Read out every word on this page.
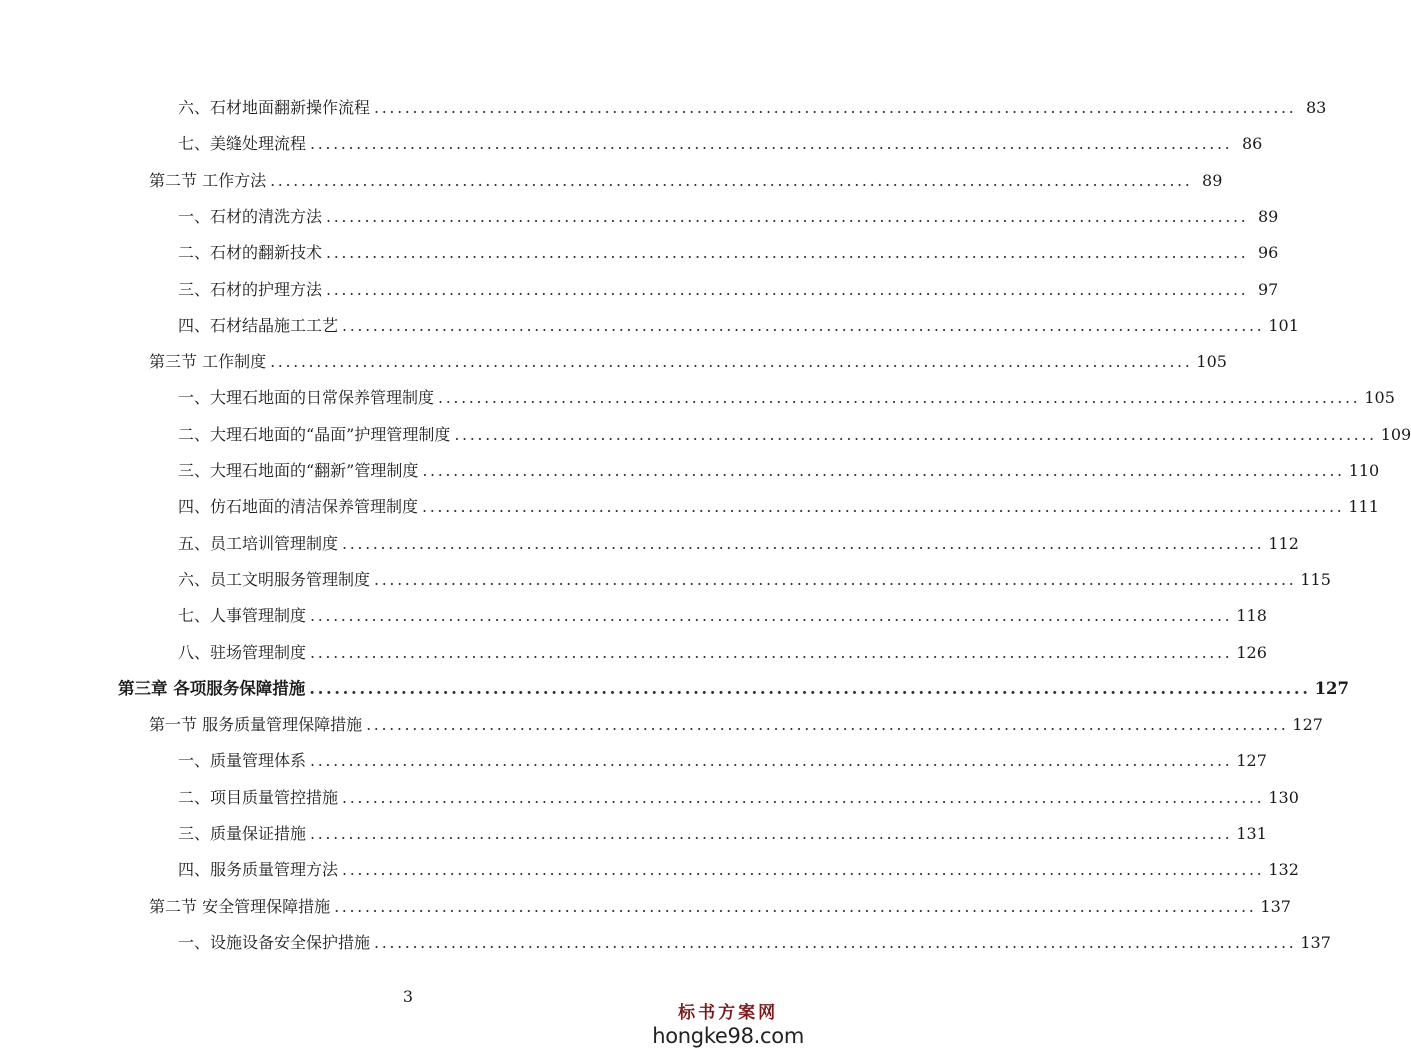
六、石材地面翻新操作流程 ........................................................................................................................ 83
七、美缝处理流程 ........................................................................................................................ 86
第二节 工作方法 ........................................................................................................................ 89
一、石材的清洗方法 ........................................................................................................................ 89
二、石材的翻新技术 ........................................................................................................................ 96
三、石材的护理方法 ........................................................................................................................ 97
四、石材结晶施工工艺 ........................................................................................................................ 101
第三节 工作制度 ........................................................................................................................ 105
一、大理石地面的日常保养管理制度 ........................................................................................................................ 105
二、大理石地面的“晶面”护理管理制度 ........................................................................................................................ 109
三、大理石地面的“翻新”管理制度 ........................................................................................................................ 110
四、仿石地面的清洁保养管理制度 ........................................................................................................................ 111
五、员工培训管理制度 ........................................................................................................................ 112
六、员工文明服务管理制度 ........................................................................................................................ 115
七、人事管理制度 ........................................................................................................................ 118
八、驻场管理制度 ........................................................................................................................ 126
第三章 各项服务保障措施 ........................................................................................................................ 127
第一节 服务质量管理保障措施 ........................................................................................................................ 127
一、质量管理体系 ........................................................................................................................ 127
二、项目质量管控措施 ........................................................................................................................ 130
三、质量保证措施 ........................................................................................................................ 131
四、服务质量管理方法 ........................................................................................................................ 132
第二节 安全管理保障措施 ........................................................................................................................ 137
一、设施设备安全保护措施 ........................................................................................................................ 137
3
标书方案网
hongke98.com
